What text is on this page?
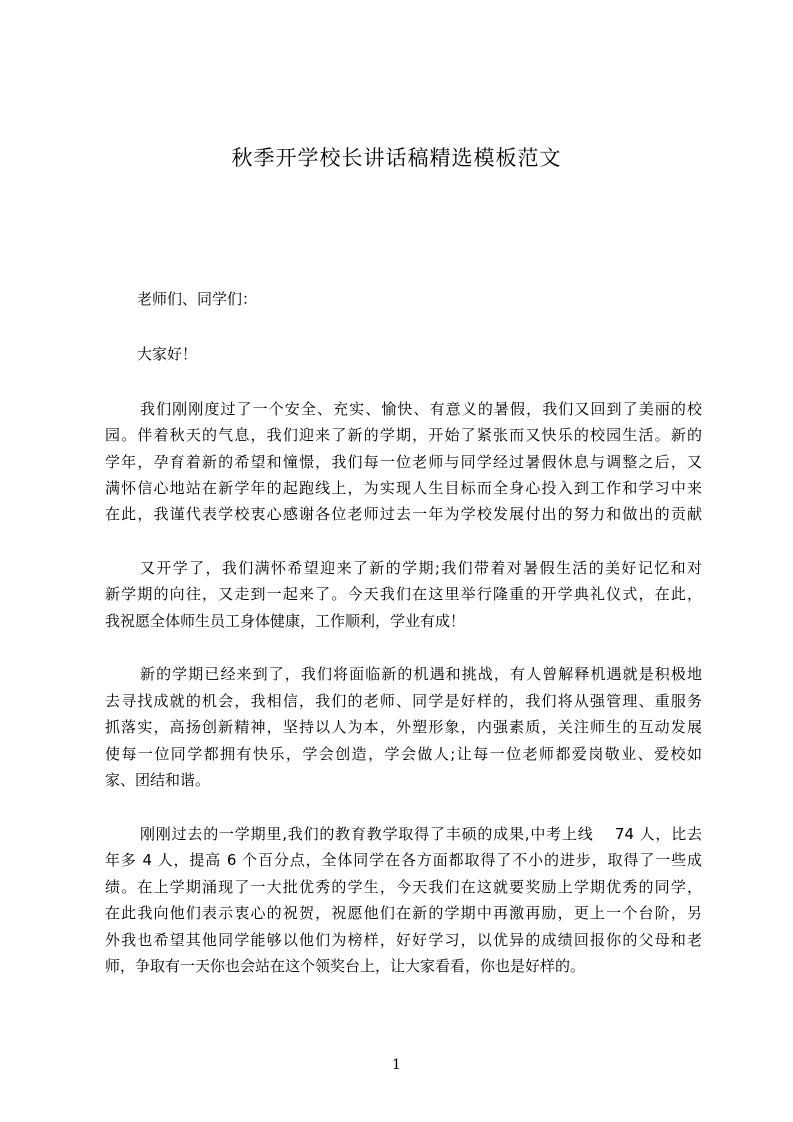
秋季开学校长讲话稿精选模板范文
老师们、同学们：
大家好！
我们刚刚度过了一个安全、充实、愉快、有意义的暑假，我们又回到了美丽的校
园。伴着秋天的气息，我们迎来了新的学期，开始了紧张而又快乐的校园生活。新的
学年，孕育着新的希望和憧憬，我们每一位老师与同学经过暑假休息与调整之后，又
满怀信心地站在新学年的起跑线上，为实现人生目标而全身心投入到工作和学习中来
在此，我谨代表学校衷心感谢各位老师过去一年为学校发展付出的努力和做出的贡献
又开学了，我们满怀希望迎来了新的学期;我们带着对暑假生活的美好记忆和对
新学期的向往，又走到一起来了。今天我们在这里举行隆重的开学典礼仪式，在此，
我祝愿全体师生员工身体健康，工作顺利，学业有成！
新的学期已经来到了，我们将面临新的机遇和挑战，有人曾解释机遇就是积极地
去寻找成就的机会，我相信，我们的老师、同学是好样的，我们将从强管理、重服务
抓落实，高扬创新精神，坚持以人为本，外塑形象，内强素质，关注师生的互动发展
使每一位同学都拥有快乐，学会创造，学会做人;让每一位老师都爱岗敬业、爱校如
家、团结和谐。
刚刚过去的一学期里,我们的教育教学取得了丰硕的成果,中考上线　 74 人，比去
年多 4 人，提高 6 个百分点，全体同学在各方面都取得了不小的进步，取得了一些成
绩。在上学期涌现了一大批优秀的学生，今天我们在这就要奖励上学期优秀的同学，
在此我向他们表示衷心的祝贺，祝愿他们在新的学期中再激再励，更上一个台阶，另
外我也希望其他同学能够以他们为榜样，好好学习，以优异的成绩回报你的父母和老
师，争取有一天你也会站在这个领奖台上，让大家看看，你也是好样的。
1
